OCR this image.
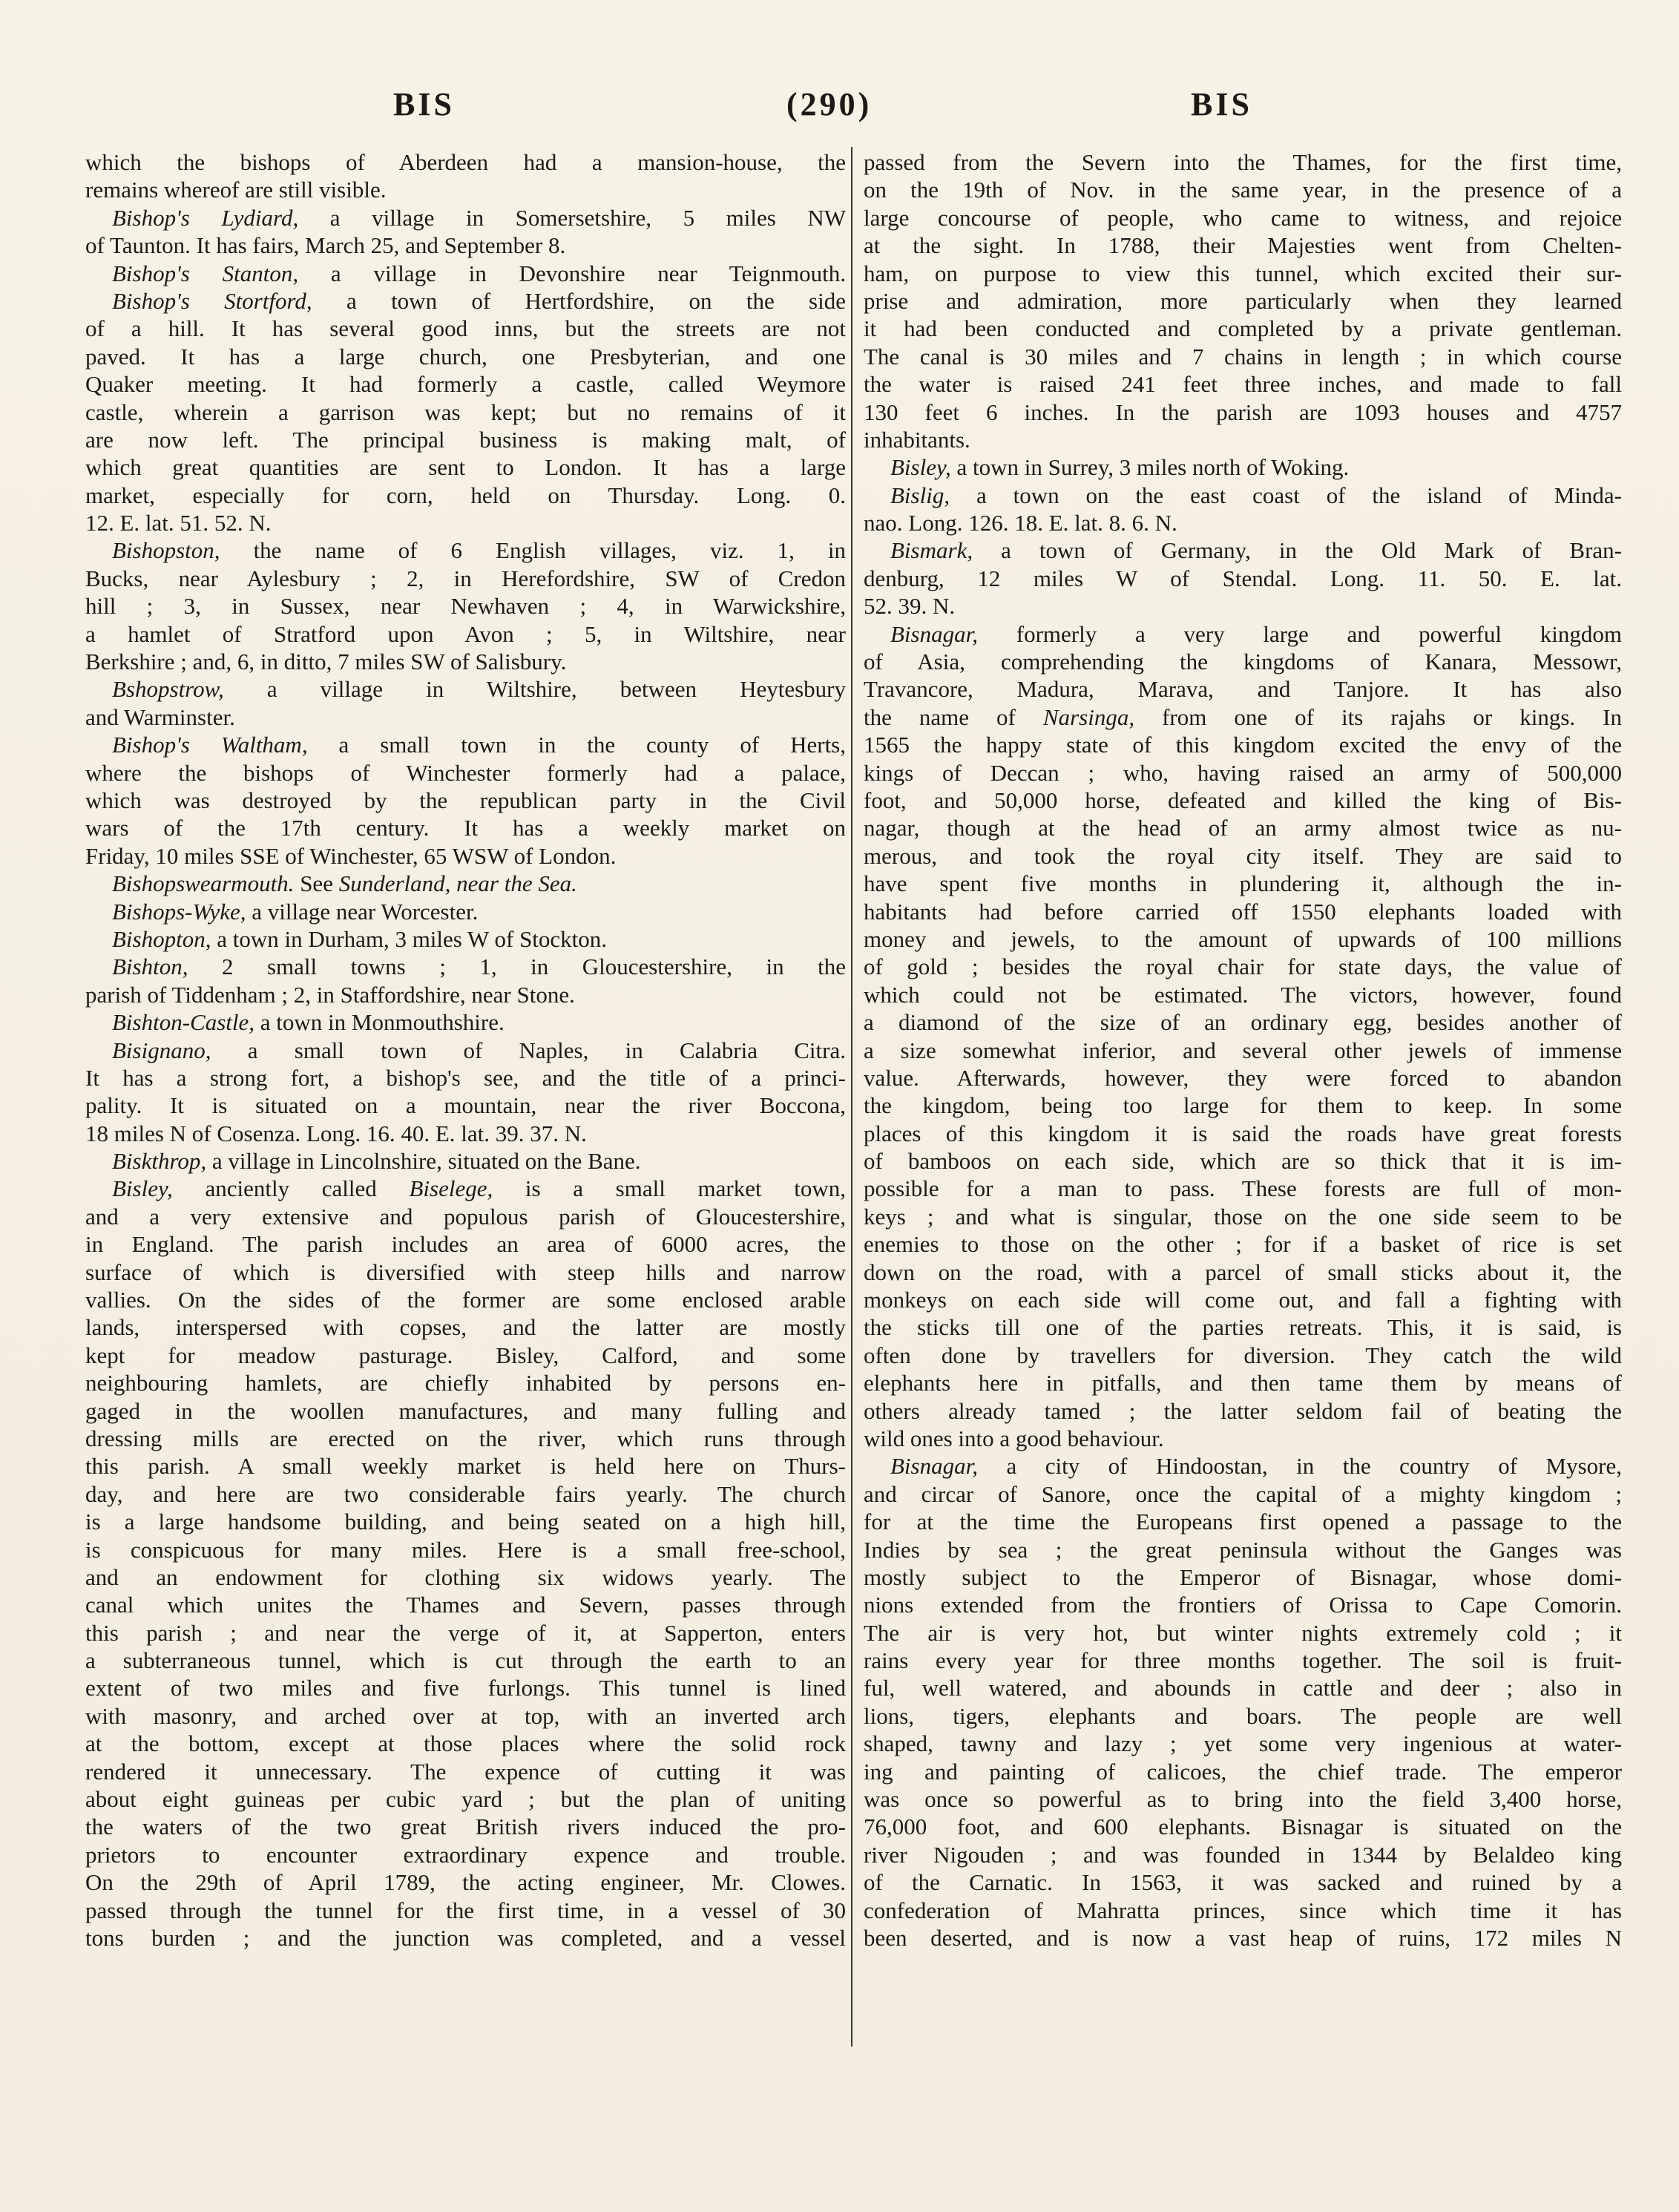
BIS	(290)	BIS
which the bishops of Aberdeen had a mansion-house, the
remains whereof are still visible.
Bishop's Lydiard, a village in Somersetshire, 5 miles NW
of Taunton. It has fairs, March 25, and September 8.
Bishop's Stanton, a village in Devonshire near Teignmouth.
Bishop's Stortford, a town of Hertfordshire, on the side
of a hill. It has several good inns, but the streets are not
paved. It has a large church, one Presbyterian, and one
Quaker meeting. It had formerly a castle, called Weymore
castle, wherein a garrison was kept; but no remains of it
are now left. The principal business is making malt, of
which great quantities are sent to London. It has a large
market, especially for corn, held on Thursday. Long. 0.
12. E. lat. 51. 52. N.
Bishopston, the name of 6 English villages, viz. 1, in
Bucks, near Aylesbury ; 2, in Herefordshire, SW of Credon
hill ; 3, in Sussex, near Newhaven ; 4, in Warwickshire,
a hamlet of Stratford upon Avon ; 5, in Wiltshire, near
Berkshire ; and, 6, in ditto, 7 miles SW of Salisbury.
Bshopstrow, a village in Wiltshire, between Heytesbury
and Warminster.
Bishop's Waltham, a small town in the county of Herts,
where the bishops of Winchester formerly had a palace,
which was destroyed by the republican party in the Civil
wars of the 17th century. It has a weekly market on
Friday, 10 miles SSE of Winchester, 65 WSW of London.
Bishopswearmouth. See Sunderland, near the Sea.
Bishops-Wyke, a village near Worcester.
Bishopton, a town in Durham, 3 miles W of Stockton.
Bishton, 2 small towns ; 1, in Gloucestershire, in the
parish of Tiddenham ; 2, in Staffordshire, near Stone.
Bishton-Castle, a town in Monmouthshire.
Bisignano, a small town of Naples, in Calabria Citra.
It has a strong fort, a bishop's see, and the title of a princi-
pality. It is situated on a mountain, near the river Boccona,
18 miles N of Cosenza. Long. 16. 40. E. lat. 39. 37. N.
Biskthrop, a village in Lincolnshire, situated on the Bane.
Bisley, anciently called Biselege, is a small market town,
and a very extensive and populous parish of Gloucestershire,
in England. The parish includes an area of 6000 acres, the
surface of which is diversified with steep hills and narrow
vallies. On the sides of the former are some enclosed arable
lands, interspersed with copses, and the latter are mostly
kept for meadow pasturage. Bisley, Calford, and some
neighbouring hamlets, are chiefly inhabited by persons en-
gaged in the woollen manufactures, and many fulling and
dressing mills are erected on the river, which runs through
this parish. A small weekly market is held here on Thurs-
day, and here are two considerable fairs yearly. The church
is a large handsome building, and being seated on a high hill,
is conspicuous for many miles. Here is a small free-school,
and an endowment for clothing six widows yearly. The
canal which unites the Thames and Severn, passes through
this parish ; and near the verge of it, at Sapperton, enters
a subterraneous tunnel, which is cut through the earth to an
extent of two miles and five furlongs. This tunnel is lined
with masonry, and arched over at top, with an inverted arch
at the bottom, except at those places where the solid rock
rendered it unnecessary. The expence of cutting it was
about eight guineas per cubic yard ; but the plan of uniting
the waters of the two great British rivers induced the pro-
prietors to encounter extraordinary expence and trouble.
On the 29th of April 1789, the acting engineer, Mr. Clowes.
passed through the tunnel for the first time, in a vessel of 30
tons burden ; and the junction was completed, and a vessel
passed from the Severn into the Thames, for the first time,
on the 19th of Nov. in the same year, in the presence of a
large concourse of people, who came to witness, and rejoice
at the sight. In 1788, their Majesties went from Chelten-
ham, on purpose to view this tunnel, which excited their sur-
prise and admiration, more particularly when they learned
it had been conducted and completed by a private gentleman.
The canal is 30 miles and 7 chains in length ; in which course
the water is raised 241 feet three inches, and made to fall
130 feet 6 inches. In the parish are 1093 houses and 4757
inhabitants.
Bisley, a town in Surrey, 3 miles north of Woking.
Bislig, a town on the east coast of the island of Minda-
nao. Long. 126. 18. E. lat. 8. 6. N.
Bismark, a town of Germany, in the Old Mark of Bran-
denburg, 12 miles W of Stendal. Long. 11. 50. E. lat.
52. 39. N.
Bisnagar, formerly a very large and powerful kingdom
of Asia, comprehending the kingdoms of Kanara, Messowr,
Travancore, Madura, Marava, and Tanjore. It has also
the name of Narsinga, from one of its rajahs or kings. In
1565 the happy state of this kingdom excited the envy of the
kings of Deccan ; who, having raised an army of 500,000
foot, and 50,000 horse, defeated and killed the king of Bis-
nagar, though at the head of an army almost twice as nu-
merous, and took the royal city itself. They are said to
have spent five months in plundering it, although the in-
habitants had before carried off 1550 elephants loaded with
money and jewels, to the amount of upwards of 100 millions
of gold ; besides the royal chair for state days, the value of
which could not be estimated. The victors, however, found
a diamond of the size of an ordinary egg, besides another of
a size somewhat inferior, and several other jewels of immense
value. Afterwards, however, they were forced to abandon
the kingdom, being too large for them to keep. In some
places of this kingdom it is said the roads have great forests
of bamboos on each side, which are so thick that it is im-
possible for a man to pass. These forests are full of mon-
keys ; and what is singular, those on the one side seem to be
enemies to those on the other ; for if a basket of rice is set
down on the road, with a parcel of small sticks about it, the
monkeys on each side will come out, and fall a fighting with
the sticks till one of the parties retreats. This, it is said, is
often done by travellers for diversion. They catch the wild
elephants here in pitfalls, and then tame them by means of
others already tamed ; the latter seldom fail of beating the
wild ones into a good behaviour.
Bisnagar, a city of Hindoostan, in the country of Mysore,
and circar of Sanore, once the capital of a mighty kingdom ;
for at the time the Europeans first opened a passage to the
Indies by sea ; the great peninsula without the Ganges was
mostly subject to the Emperor of Bisnagar, whose domi-
nions extended from the frontiers of Orissa to Cape Comorin.
The air is very hot, but winter nights extremely cold ; it
rains every year for three months together. The soil is fruit-
ful, well watered, and abounds in cattle and deer ; also in
lions, tigers, elephants and boars. The people are well
shaped, tawny and lazy ; yet some very ingenious at water-
ing and painting of calicoes, the chief trade. The emperor
was once so powerful as to bring into the field 3,400 horse,
76,000 foot, and 600 elephants. Bisnagar is situated on the
river Nigouden ; and was founded in 1344 by Belaldeo king
of the Carnatic. In 1563, it was sacked and ruined by a
confederation of Mahratta princes, since which time it has
been deserted, and is now a vast heap of ruins, 172 miles N
